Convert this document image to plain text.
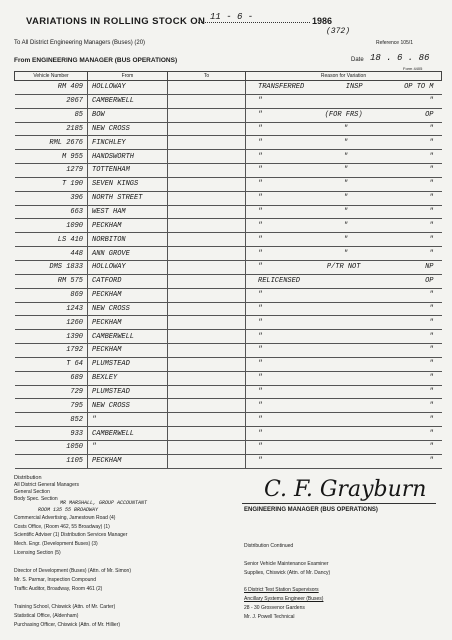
VARIATIONS IN ROLLING STOCK ON 11 - 6 -	1986
(372)
To All District Engineering Managers (Buses) (20)	Reference 105/1
From ENGINEERING MANAGER (BUS OPERATIONS)	Date 18 . 6 . 86
Form 4405
Vehicle Number	From	To	Reason for Variation
RM 409	HOLLOWAY		TRANSFERRED INSP OP TO M

2067	CAMBERWELL		" "

85	BOW		" (FOR FRS) OP

2185	NEW CROSS		" " "

RML 2676	FINCHLEY		" " "

M 955	HANDSWORTH		" " "

1279	TOTTENHAM		" " "

T 190	SEVEN KINGS		" " "

396	NORTH STREET		" " "

663	WEST HAM		" " "

1090	PECKHAM		" " "

LS 410	NORBITON		" " "

448	ANN GROVE		" " "

DMS 1833	HOLLOWAY		" P/TR NOT NP

RM 575	CATFORD		RELICENSED OP

869	PECKHAM		" "

1243	NEW CROSS		" "

1260	PECKHAM		" "

1390	CAMBERWELL		" "

1792	PECKHAM		" "

T 64	PLUMSTEAD		" "

689	BEXLEY		" "

729	PLUMSTEAD		" "

795	NEW CROSS		" "

852	"		" "

933	CAMBERWELL		" "

1050	"		" "

1105	PECKHAM		" "
C. F. Grayburn
ENGINEERING MANAGER (BUS OPERATIONS)
Distribution
All District General Managers
General Section
Body Spec. Section
MR MARSHALL, GROUP ACCOUNTANT
ROOM 135 55 BROADWAY
Commercial Advertising, Jamestown Road (4)
Costs Office, (Room 462, 55 Broadway) (1)
Scientific Adviser (1) Distribution Services Manager
Mech. Engr. (Development Buses) (3)
Licensing Section (5)
Director of Development (Buses) (Attn. of Mr. Simon)
Mr. S. Parmar, Inspection Compound
Traffic Auditor, Broadway, Room 461 (2)
Training School, Chiswick (Attn. of Mr. Carter)
Statistical Office, (Aldenham)
Purchasing Officer, Chiswick (Attn. of Mr. Hillier)
Distribution Continued
Senior Vehicle Maintenance Examiner
Supplies, Chiswick (Attn. of Mr. Dancy)
6 District Test Station Supervisors
Ancillary Systems Engineer (Buses)
28 - 30 Grosvenor Gardens
Mr. J. Powell Technical
